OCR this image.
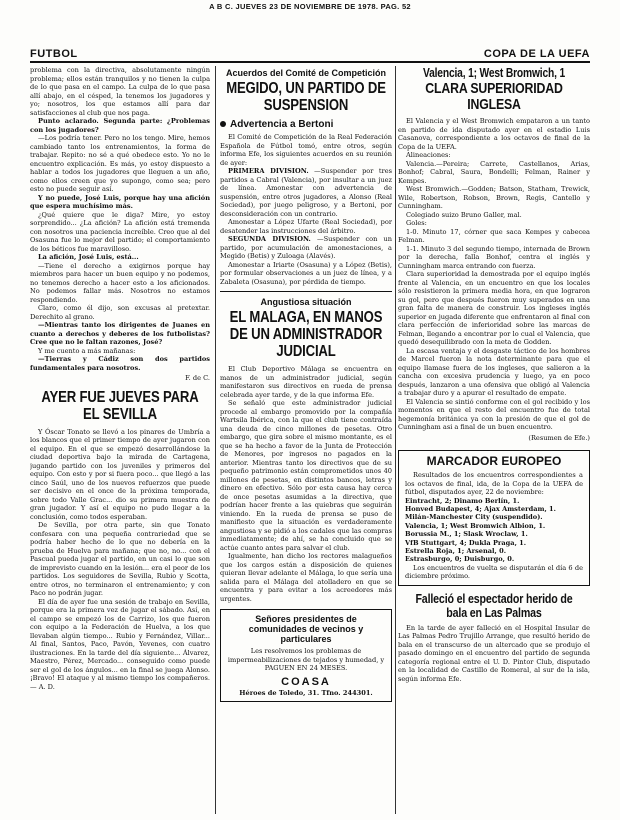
A B C. JUEVES 23 DE NOVIEMBRE DE 1978. PAG. 52
FUTBOL	COPA DE LA UEFA

problema con la directiva, absolutamente ningún problema; ellos están tranquilos y no tienen la culpa de lo que pasa en el campo. La culpa de lo que pasa allí abajo, en el césped, la tenemos los jugadores y yo; nosotros, los que estamos allí para dar satisfacciones al club que nos paga.

Punto aclarado. Segunda parte: ¿Problemas con los jugadores?

—Los podría tener. Pero no los tengo. Mire, hemos cambiado tanto los entrenamientos, la forma de trabajar. Repito: no sé a qué obedece esto. Yo no le encuentro explicación. Es más, yo estoy dispuesto a hablar a todos los jugadores que lleguen a un año, como ellos creen que yo supongo, como sea; pero esto no puede seguir así.

Y no puede, José Luis, porque hay una afición que espera muchísimo más.

¿Qué quiere que le diga? Mire, yo estoy sorprendido... ¿La afición? La afición está tremenda con nosotros una paciencia increíble. Creo que al del Osasuna fue lo mejor del partido; el comportamiento de los béticos fue maravilloso.

La afición, José Luis, está...

—Tiene el derecho a exigirnos porque hay miembros para hacer un buen equipo y no podemos, no tenemos derecho a hacer esto a los aficionados. No podemos fallar más. Nosotros no estamos respondiendo.

Claro, como él dijo, son excusas al pretextar. Derechito al grano.

—Mientras tanto los dirigentes de Juanes en cuanto a derechos y deberes de los futbolistas? Cree que no le faltan razones, José?

Y me cuento a más mañanas:

—Tierras y Cádiz son dos partidos fundamentales para nosotros.

F. de C.
AYER FUE JUEVES PARA EL SEVILLA

Y Óscar Tonato se llevó a los pinares de Umbría a los blancos que el primer tiempo de ayer jugaron con el equipo. En el que se empezó desarrollándose la ciudad deportiva bajo la mirada de Cartagena, jugando partido con los juveniles y primeros del equipo. Con esto y por si fuera poco... que llegó a las cinco Saúl, uno de los nuevos refuerzos que puede ser decisivo en el once de la próxima temporada, sobre todo Valle Grac... dio su primera muestra de gran jugador. Y así el equipo no pudo llegar a la conclusión, como todos esperaban.

De Sevilla, por otra parte, sin que Tonato confesara con una pequeña contrariedad que se podría haber hecho de lo que no debería en la prueba de Huelva para mañana; que no, no... con el Pascual pueda jugar el partido, en un casi lo que son de imprevisto cuando en la lesión... era el peor de los partidos. Los seguidores de Sevilla, Rubio y Scotta, entre otros, no terminaron el entrenamiento; y con Paco no podrán jugar.

El día de ayer fue una sesión de trabajo en Sevilla, porque era la primera vez de jugar el sábado. Así, en el campo se empezó los de Carrizo, los que fueron con equipo a la Federación de Huelva, a los que llevaban algún tiempo... Rubio y Fernández, Villar... Al final, Santos, Paco, Pavón, Yevenes, con cuatro ilustraciones. En la tarde del día siguiente... Álvarez, Maestro, Pérez, Mercado... conseguido como puede ser el gol de los ángulos... en la final se juega Alonso. ¡Bravo! El ataque y al mismo tiempo los compañeros. — A. D.

Acuerdos del Comité de Competición
MEGIDO, UN PARTIDO DE SUSPENSION
Advertencia a Bertoni

El Comité de Competición de la Real Federación Española de Fútbol tomó, entre otros, según informa Efe, los siguientes acuerdos en su reunión de ayer:

PRIMERA DIVISION. —Suspender por tres partidos a Cabral (Valencia), por insultar a un juez de línea. Amonestar con advertencia de suspensión, entre otros jugadores, a Alonso (Real Sociedad), por juego peligroso, y a Bertoni, por desconsideración con un contrario.

Amonestar a López Ufarte (Real Sociedad), por desatender las instrucciones del árbitro.

SEGUNDA DIVISION. —Suspender con un partido, por acumulación de amonestaciones, a Megido (Betis) y Zuloaga (Alavés).

Amonestar a Iriarte (Osasuna) y a López (Betis), por formular observaciones a un juez de línea, y a Zabaleta (Osasuna), por pérdida de tiempo.

Angustiosa situación
EL MALAGA, EN MANOS DE UN ADMINISTRADOR JUDICIAL

El Club Deportivo Málaga se encuentra en manos de un administrador judicial, según manifestaron sus directivos en rueda de prensa celebrada ayer tarde, y de la que informa Efe.

Se señaló que este administrador judicial procede al embargo promovido por la compañía Wartsila Ibérica, con la que el club tiene contraída una deuda de cinco millones de pesetas. Otro embargo, que gira sobre el mismo montante, es el que se ha hecho a favor de la Junta de Protección de Menores, por ingresos no pagados en la anterior. Mientras tanto los directivos que de su pequeño patrimonio están comprometidos unos 40 millones de pesetas, en distintos bancos, letras y dinero en efectivo. Sólo por esta causa hay cerca de once pesetas asumidas a la directiva, que podrían hacer frente a las quiebras que seguirán viniendo. En la rueda de prensa se puso de manifiesto que la situación es verdaderamente angustiosa y se pidió a los cadales que las compras inmediatamente; de ahí, se ha concluido que se actúe cuanto antes para salvar el club.

Igualmente, han dicho los rectores malagueños que los cargos están a disposición de quienes quieran llevar adelante el Málaga, lo que sería una salida para el Málaga del atolladero en que se encuentra y para evitar a los acreedores más urgentes.

Señores presidentes de comunidades de vecinos y particulares

Les resolvemos los problemas de impermeabilizaciones de tejados y humedad, y PAGUEN EN 24 MESES.

COASA
Héroes de Toledo, 31. Tfno. 244301.
Valencia, 1; West Bromwich, 1
CLARA SUPERIORIDAD INGLESA

El Valencia y el West Bromwich empataron a un tanto en partido de ida disputado ayer en el estadio Luis Casanova, correspondiente a los octavos de final de la Copa de la UEFA.

Alineaciones:

Valencia.—Pereira; Carrete, Castellanos, Arias, Bonhof; Cabral, Saura, Bondelli; Felman, Rainer y Kempes.

West Bromwich.—Godden; Batson, Statham, Trewick, Wile, Robertson, Robson, Brown, Regis, Cantello y Cunningham.

Colegiado suizo Bruno Galler, mal.

Goles:

1-0. Minuto 17, córner que saca Kempes y cabecea Felman.

1-1. Minuto 3 del segundo tiempo, internada de Brown por la derecha, falla Bonhof, centra el inglés y Cunningham marca entrando con fuerza.

Clara superioridad la demostrada por el equipo inglés frente al Valencia, en un encuentro en que los locales sólo resistieron la primera media hora, en que lograron su gol, pero que después fueron muy superados en una gran falta de manera de construir. Los ingleses inglés superior en jugada diferente que enfrentaron al final con clara perfección de inferioridad sobre las marcas de Felman, llegando a encontrar por lo cual el Valencia, que quedó desequilibrado con la meta de Godden.

La escasa ventaja y el desgaste táctico de los hombres de Marcel fueron la nota determinante para que el equipo llamase fuera de los ingleses, que salieron a la cancha con excesiva prudencia y luego, ya en poco después, lanzaron a una ofensiva que obligó al Valencia a trabajar duro y a apurar el resultado de empate.

El Valencia se sintió conforme con el gol recibido y los momentos en que el resto del encuentro fue de total hegemonía británica ya con la presión de que el gol de Cunningham asi a final de un buen encuentro.

(Resumen de Efe.)
MARCADOR EUROPEO

Resultados de los encuentros correspondientes a los octavos de final, ida, de la Copa de la UEFA de fútbol, disputados ayer, 22 de noviembre:

Eintracht, 2; Dinamo Berlín, 1.
Honved Budapest, 4; Ajax Amsterdam, 1.
Milán-Manchester City (suspendido).
Valencia, 1; West Bromwich Albion, 1.
Borussia M., 1; Slask Wroclaw, 1.
VfB Stuttgart, 4; Dukla Praga, 1.
Estrella Roja, 1; Arsenal, 0.
Estrasburgo, 0; Duisburgo, 0.

Los encuentros de vuelta se disputarán el día 6 de diciembre próximo.

Falleció el espectador herido de bala en Las Palmas

En la tarde de ayer falleció en el Hospital Insular de Las Palmas Pedro Trujillo Arrange, que resultó herido de bala en el transcurso de un altercado que se produjo el pasado domingo en el encuentro del partido de segunda categoría regional entre el U. D. Pintor Club, disputado en la localidad de Castillo de Romeral, al sur de la isla, según informa Efe.
